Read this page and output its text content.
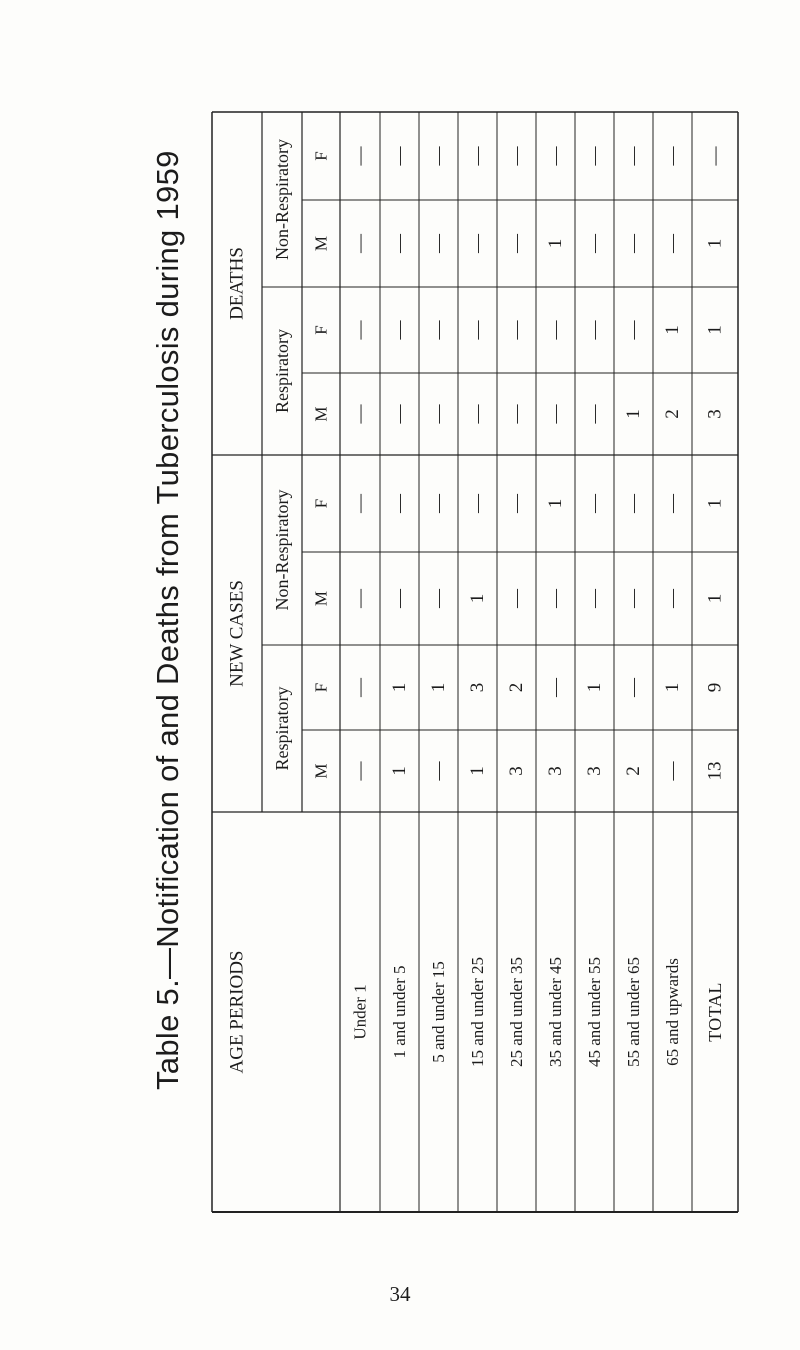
Table 5.—Notification of and Deaths from Tuberculosis during 1959 DEATHS
NEW CASES
AGE PERIODS
Non-Respiratory
Respiratory
Non-Respiratory
Respiratory
F
M
F
M
F
M
F
M
Under 1
—
—
—
—
—
—
—
—
1 and under 5
—
—
—
—
—
—
1
1
5 and under 15
—
—
—
—
—
—
1
—
15 and under 25
—
—
—
—
—
1
3
1
25 and under 35
—
—
—
—
—
—
2
3
35 and under 45
—
1
—
—
1
—
—
3
45 and under 55
—
—
—
—
—
—
1
3
55 and under 65
—
—
—
1
—
—
—
2
65 and upwards
—
—
1
2
—
—
1
—
TOTAL
—
1
1
3
1
1
9
13
34
